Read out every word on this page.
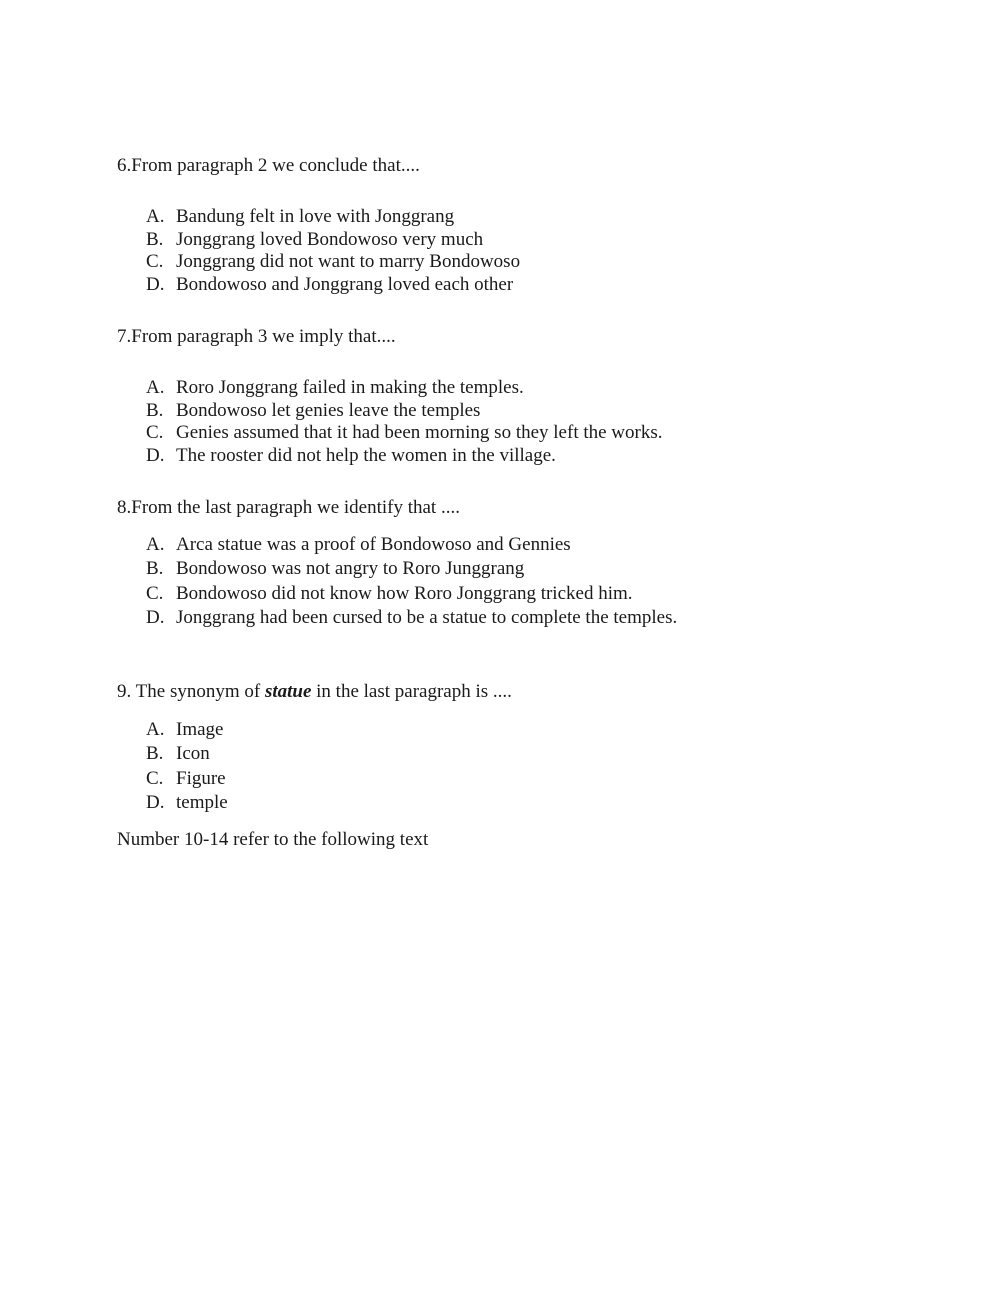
6.From paragraph 2 we conclude that....
A. Bandung felt in love with Jonggrang
B. Jonggrang loved Bondowoso very much
C. Jonggrang did not want to marry Bondowoso
D. Bondowoso and Jonggrang loved each other
7.From paragraph 3 we imply that....
A. Roro Jonggrang failed in making the temples.
B. Bondowoso let genies leave the temples
C. Genies assumed that it had been morning so they left the works.
D. The rooster did not help the women in the village.
8.From the last paragraph we identify that ....
A. Arca statue was a proof of Bondowoso and Gennies
B. Bondowoso was not angry to Roro Junggrang
C. Bondowoso did not know how Roro Jonggrang tricked him.
D. Jonggrang had been cursed to be a statue to complete the temples.
9. The synonym of statue in the last paragraph is ....
A. Image
B. Icon
C. Figure
D. temple
Number 10-14 refer to the following text
